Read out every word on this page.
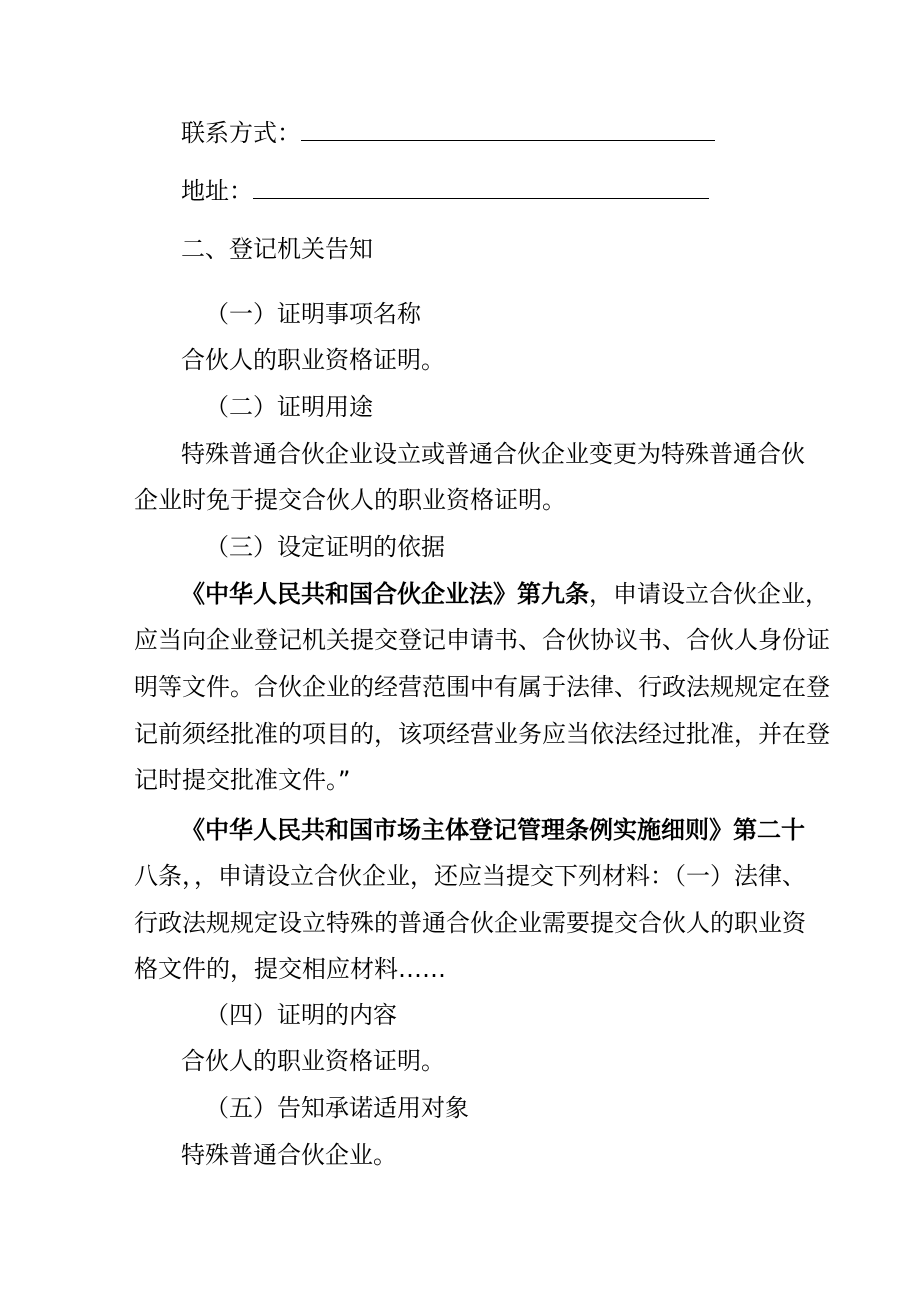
联系方式：
地址：

二、登记机关告知

（一）证明事项名称

合伙人的职业资格证明。

（二）证明用途

特殊普通合伙企业设立或普通合伙企业变更为特殊普通合伙

企业时免于提交合伙人的职业资格证明。

（三）设定证明的依据

《中华人民共和国合伙企业法》第九条，申请设立合伙企业，

应当向企业登记机关提交登记申请书、合伙协议书、合伙人身份证

明等文件。合伙企业的经营范围中有属于法律、行政法规规定在登

记前须经批准的项目的，该项经营业务应当依法经过批准，并在登

记时提交批准文件。”

《中华人民共和国市场主体登记管理条例实施细则》第二十

八条，，申请设立合伙企业，还应当提交下列材料：（一）法律、

行政法规规定设立特殊的普通合伙企业需要提交合伙人的职业资

格文件的，提交相应材料……

（四）证明的内容

合伙人的职业资格证明。

（五）告知承诺适用对象

特殊普通合伙企业。
